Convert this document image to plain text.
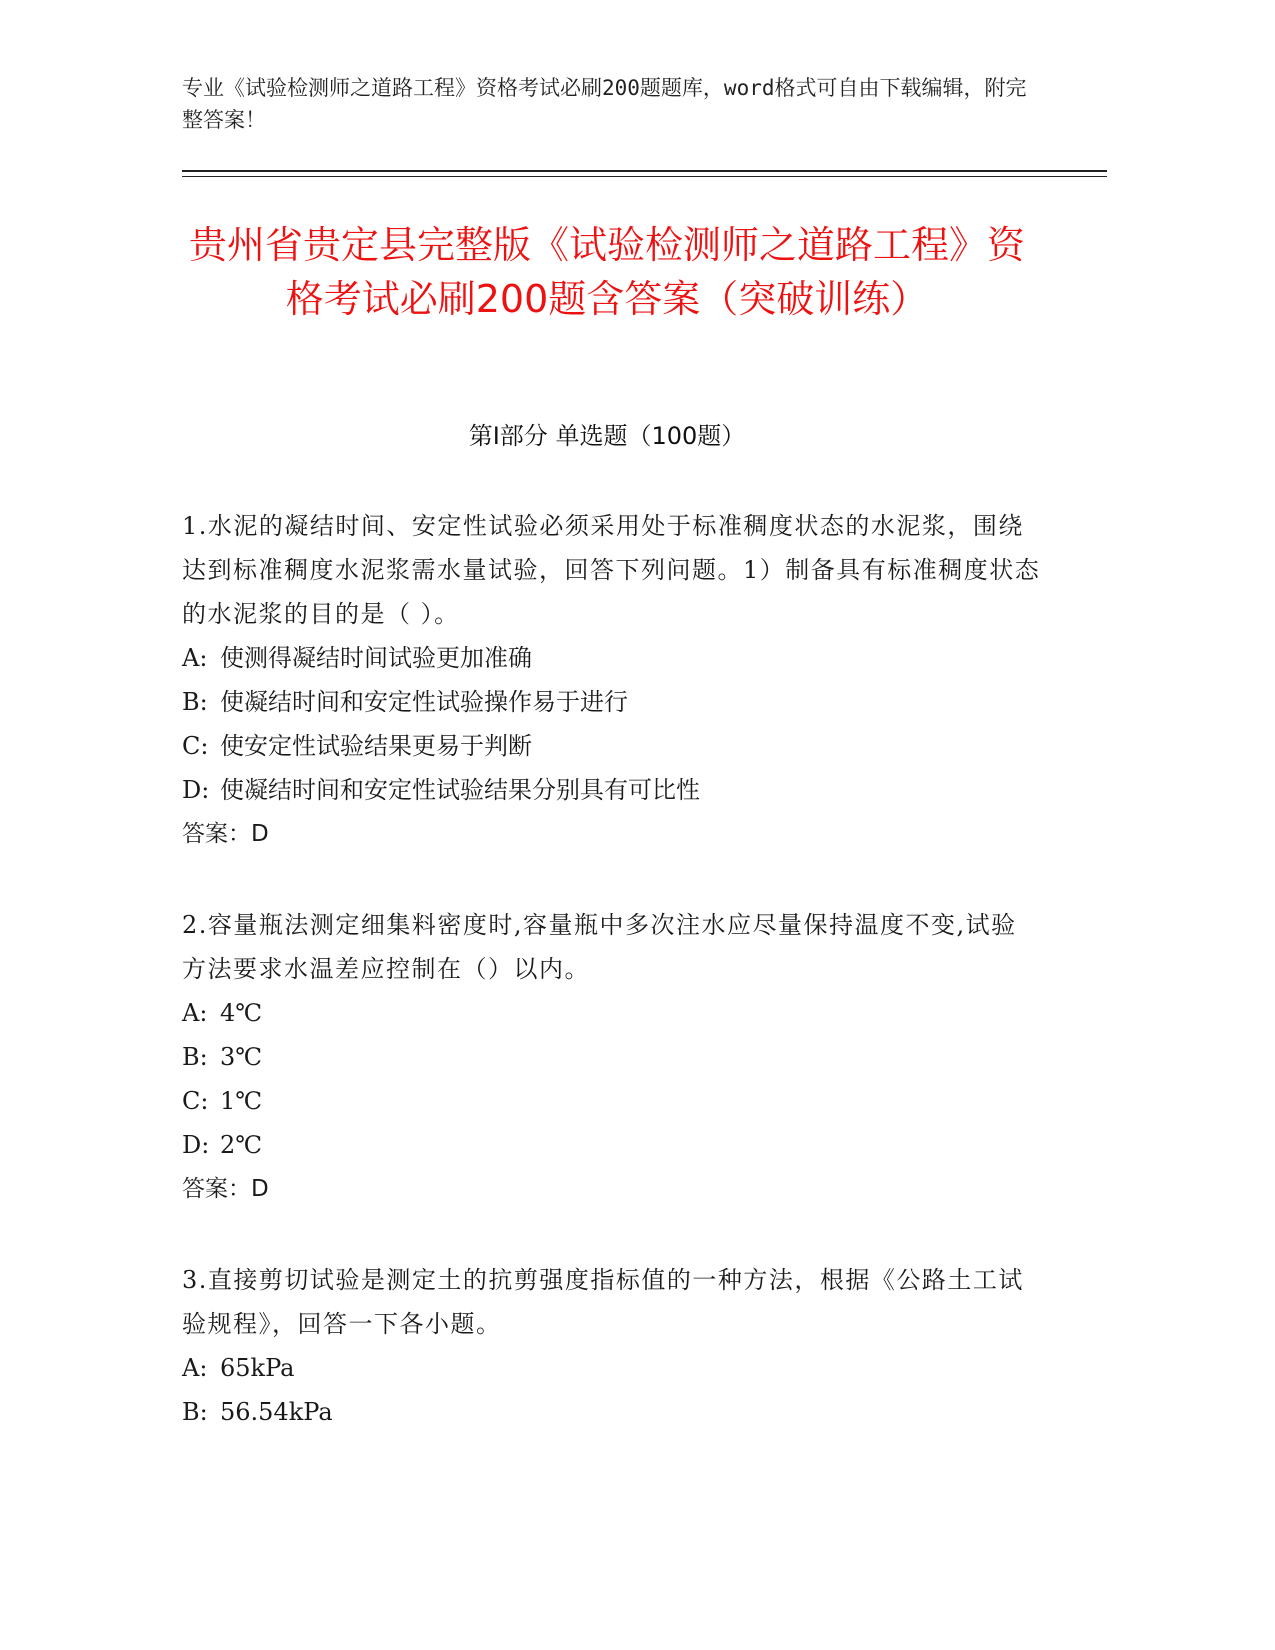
专业《试验检测师之道路工程》资格考试必刷200题题库，word格式可自由下载编辑，附完整答案！
贵州省贵定县完整版《试验检测师之道路工程》资格考试必刷200题含答案（突破训练）
第Ⅰ部分 单选题（100题）
1.水泥的凝结时间、安定性试验必须采用处于标准稠度状态的水泥浆，围绕达到标准稠度水泥浆需水量试验，回答下列问题。1）制备具有标准稠度状态的水泥浆的目的是（ ）。
A: 使测得凝结时间试验更加准确
B: 使凝结时间和安定性试验操作易于进行
C: 使安定性试验结果更易于判断
D: 使凝结时间和安定性试验结果分别具有可比性
答案：D
2.容量瓶法测定细集料密度时,容量瓶中多次注水应尽量保持温度不变,试验方法要求水温差应控制在（）以内。
A: 4℃
B: 3℃
C: 1℃
D: 2℃
答案：D
3.直接剪切试验是测定土的抗剪强度指标值的一种方法，根据《公路土工试验规程》，回答一下各小题。
A: 65kPa
B: 56.54kPa
